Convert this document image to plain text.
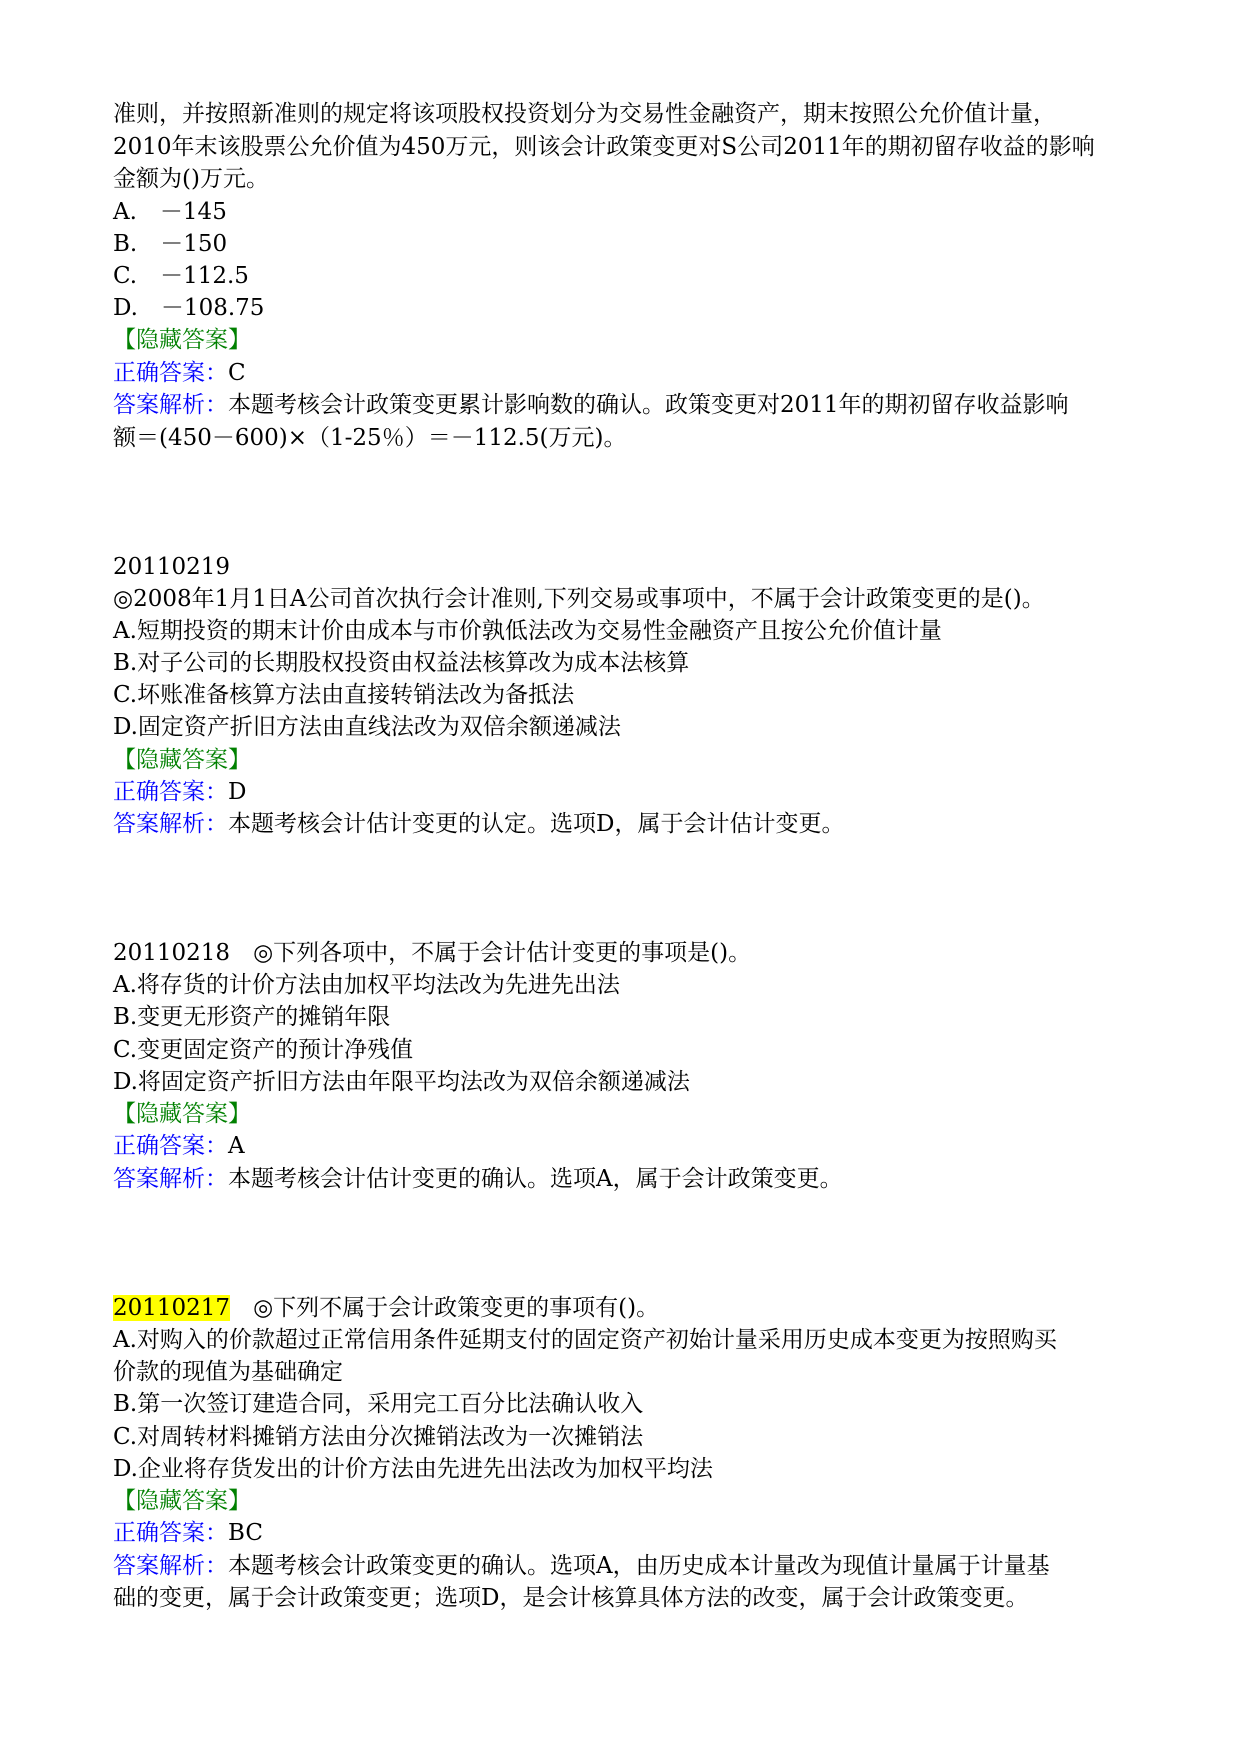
准则，并按照新准则的规定将该项股权投资划分为交易性金融资产，期末按照公允价值计量，
2010年末该股票公允价值为450万元，则该会计政策变更对S公司2011年的期初留存收益的影响
金额为()万元。
A.　－145
B.　－150
C.　－112.5
D.　－108.75
【隐藏答案】
正确答案：C
答案解析：本题考核会计政策变更累计影响数的确认。政策变更对2011年的期初留存收益影响
额＝(450－600)×（1-25％）＝－112.5(万元)。
20110219
◎2008年1月1日A公司首次执行会计准则,下列交易或事项中，不属于会计政策变更的是()。
A.短期投资的期末计价由成本与市价孰低法改为交易性金融资产且按公允价值计量
B.对子公司的长期股权投资由权益法核算改为成本法核算
C.坏账准备核算方法由直接转销法改为备抵法
D.固定资产折旧方法由直线法改为双倍余额递减法
【隐藏答案】
正确答案：D
答案解析：本题考核会计估计变更的认定。选项D，属于会计估计变更。
20110218  ◎下列各项中，不属于会计估计变更的事项是()。
A.将存货的计价方法由加权平均法改为先进先出法
B.变更无形资产的摊销年限
C.变更固定资产的预计净残值
D.将固定资产折旧方法由年限平均法改为双倍余额递减法
【隐藏答案】
正确答案：A
答案解析：本题考核会计估计变更的确认。选项A，属于会计政策变更。
20110217  ◎下列不属于会计政策变更的事项有()。
A.对购入的价款超过正常信用条件延期支付的固定资产初始计量采用历史成本变更为按照购买
价款的现值为基础确定
B.第一次签订建造合同，采用完工百分比法确认收入
C.对周转材料摊销方法由分次摊销法改为一次摊销法
D.企业将存货发出的计价方法由先进先出法改为加权平均法
【隐藏答案】
正确答案：BC
答案解析：本题考核会计政策变更的确认。选项A，由历史成本计量改为现值计量属于计量基
础的变更，属于会计政策变更；选项D，是会计核算具体方法的改变，属于会计政策变更。
